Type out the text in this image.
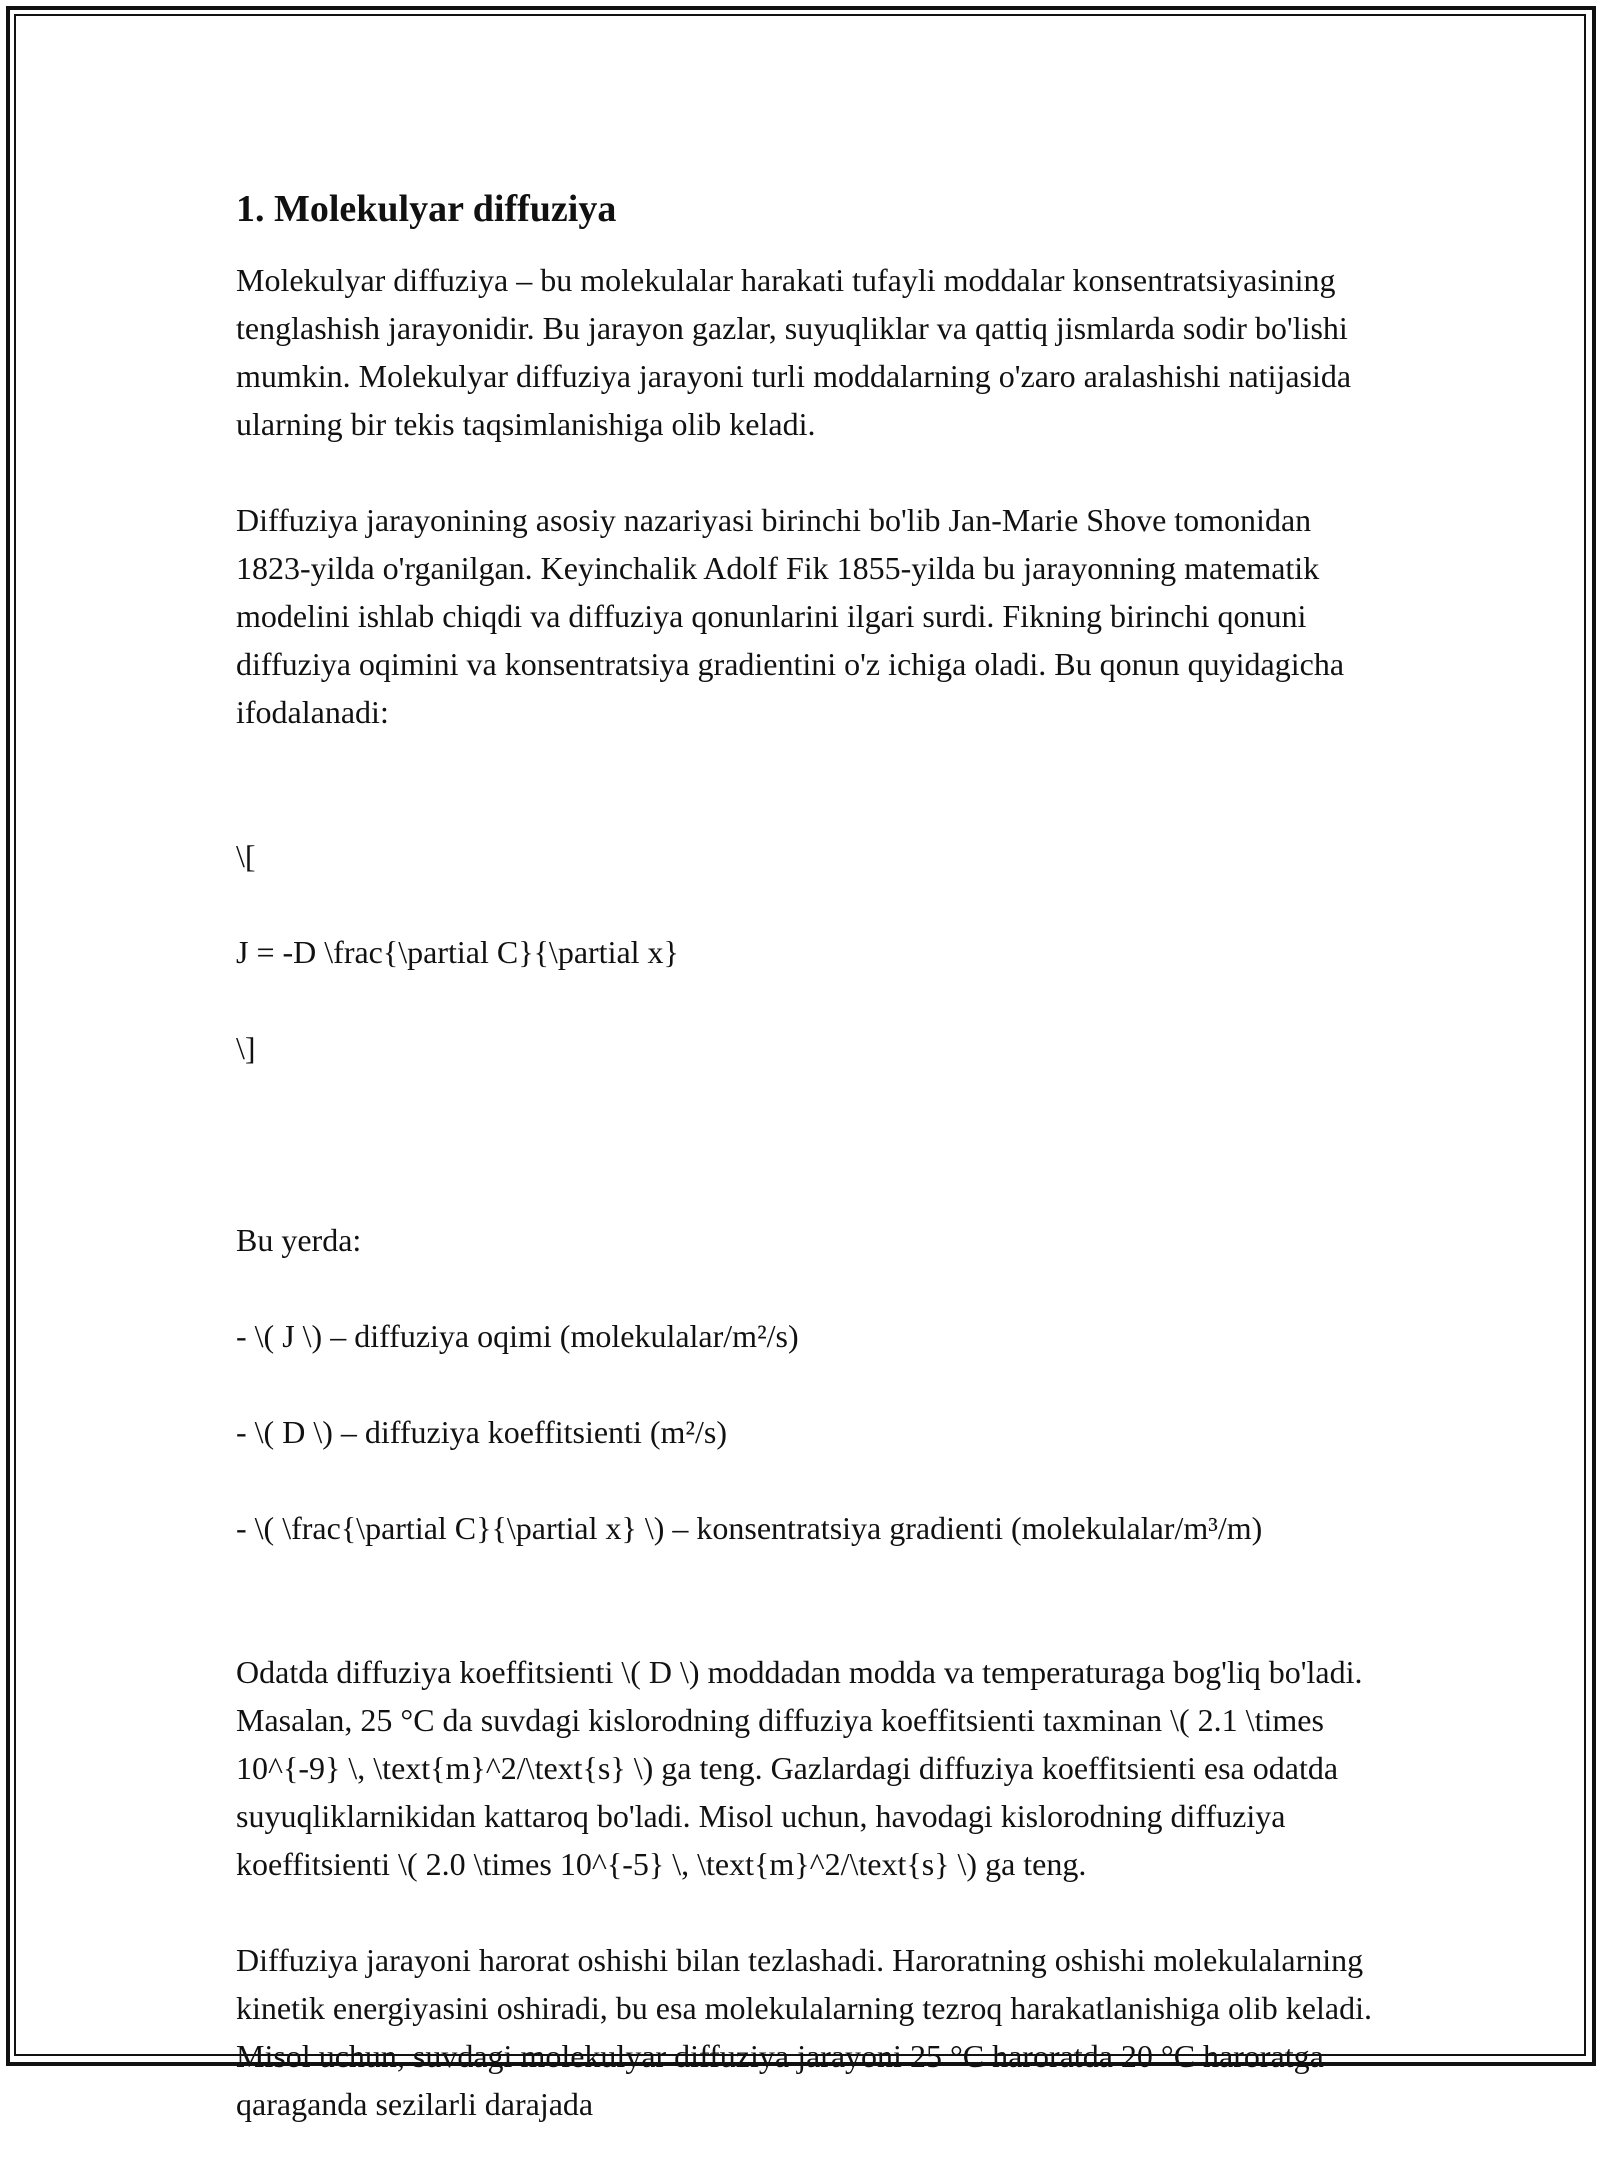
1. Molekulyar diffuziya

Molekulyar diffuziya – bu molekulalar harakati tufayli moddalar konsentratsiyasining tenglashish jarayonidir. Bu jarayon gazlar, suyuqliklar va qattiq jismlarda sodir bo'lishi mumkin. Molekulyar diffuziya jarayoni turli moddalarning o'zaro aralashishi natijasida ularning bir tekis taqsimlanishiga olib keladi.

Diffuziya jarayonining asosiy nazariyasi birinchi bo'lib Jan-Marie Shove tomonidan 1823-yilda o'rganilgan. Keyinchalik Adolf Fik 1855-yilda bu jarayonning matematik modelini ishlab chiqdi va diffuziya qonunlarini ilgari surdi. Fikning birinchi qonuni diffuziya oqimini va konsentratsiya gradientini o'z ichiga oladi. Bu qonun quyidagicha ifodalanadi:

\[

J = -D \frac{\partial C}{\partial x}

\]

Bu yerda:

- \( J \) – diffuziya oqimi (molekulalar/m²/s)

- \( D \) – diffuziya koeffitsienti (m²/s)

- \( \frac{\partial C}{\partial x} \) – konsentratsiya gradienti (molekulalar/m³/m)

Odatda diffuziya koeffitsienti \( D \) moddadan modda va temperaturaga bog'liq bo'ladi. Masalan, 25 °C da suvdagi kislorodning diffuziya koeffitsienti taxminan \( 2.1 \times 10^{-9} \, \text{m}^2/\text{s} \) ga teng. Gazlardagi diffuziya koeffitsienti esa odatda suyuqliklarnikidan kattaroq bo'ladi. Misol uchun, havodagi kislorodning diffuziya koeffitsienti \( 2.0 \times 10^{-5} \, \text{m}^2/\text{s} \) ga teng.

Diffuziya jarayoni harorat oshishi bilan tezlashadi. Haroratning oshishi molekulalarning kinetik energiyasini oshiradi, bu esa molekulalarning tezroq harakatlanishiga olib keladi. Misol uchun, suvdagi molekulyar diffuziya jarayoni 25 °C haroratda 20 °C haroratga qaraganda sezilarli darajada
